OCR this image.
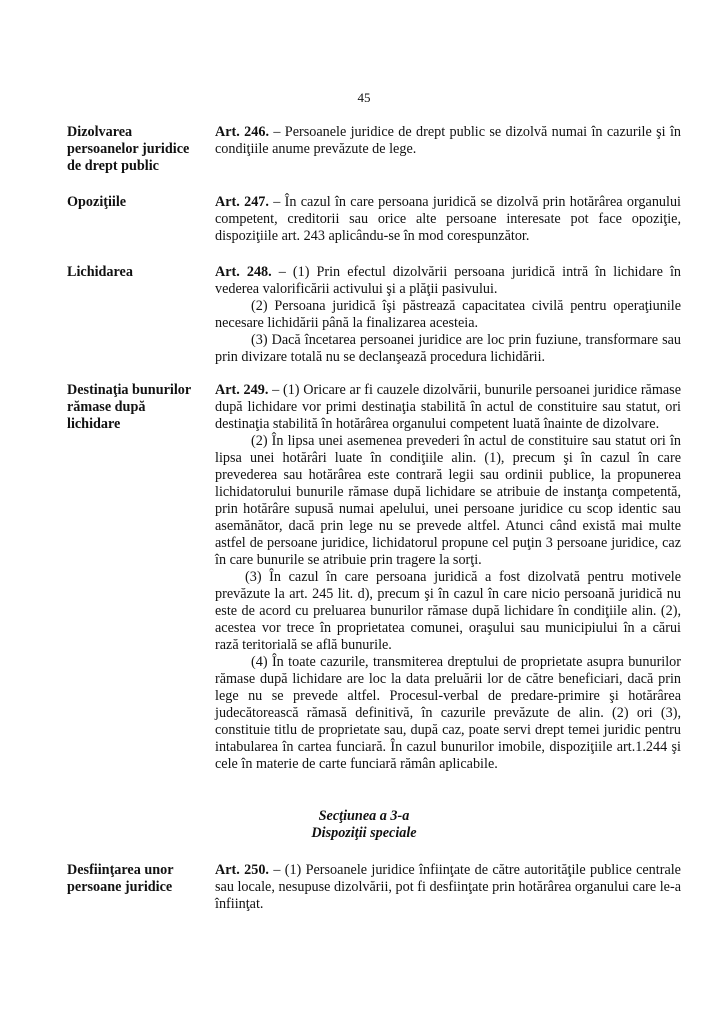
45
Dizolvarea
persoanelor juridice
de drept public

Art. 246. – Persoanele juridice de drept public se dizolvă numai în cazurile şi în condiţiile anume prevăzute de lege.

Opoziţiile	Art. 247. – În cazul în care persoana juridică se dizolvă prin hotărârea organului competent, creditorii sau orice alte persoane interesate pot face opoziţie, dispoziţiile art. 243 aplicându-se în mod corespunzător.

Lichidarea	Art. 248. – (1) Prin efectul dizolvării persoana juridică intră în lichidare în vederea valorificării activului şi a plăţii pasivului.

(2) Persoana juridică îşi păstrează capacitatea civilă pentru operaţiunile necesare lichidării până la finalizarea acesteia.

(3) Dacă încetarea persoanei juridice are loc prin fuziune, transformare sau prin divizare totală nu se declanşează procedura lichidării.

Destinaţia bunurilor
rămase după
lichidare

Art. 249. – (1) Oricare ar fi cauzele dizolvării, bunurile persoanei juridice rămase după lichidare vor primi destinaţia stabilită în actul de constituire sau statut, ori destinaţia stabilită în hotărârea organului competent luată înainte de dizolvare.

(2) În lipsa unei asemenea prevederi în actul de constituire sau statut ori în lipsa unei hotărâri luate în condiţiile alin. (1), precum şi în cazul în care prevederea sau hotărârea este contrară legii sau ordinii publice, la propunerea lichidatorului bunurile rămase după lichidare se atribuie de instanţa competentă, prin hotărâre supusă numai apelului, unei persoane juridice cu scop identic sau asemănător, dacă prin lege nu se prevede altfel. Atunci când există mai multe astfel de persoane juridice, lichidatorul propune cel puţin 3 persoane juridice, caz în care bunurile se atribuie prin tragere la sorţi.

(3) În cazul în care persoana juridică a fost dizolvată pentru motivele prevăzute la art. 245 lit. d), precum şi în cazul în care nicio persoană juridică nu este de acord cu preluarea bunurilor rămase după lichidare în condiţiile alin. (2), acestea vor trece în proprietatea comunei, oraşului sau municipiului în a cărui rază teritorială se află bunurile.

(4) În toate cazurile, transmiterea dreptului de proprietate asupra bunurilor rămase după lichidare are loc la data preluării lor de către beneficiari, dacă prin lege nu se prevede altfel. Procesul-verbal de predare-primire şi hotărârea judecătorească rămasă definitivă, în cazurile prevăzute de alin. (2) ori (3), constituie titlu de proprietate sau, după caz, poate servi drept temei juridic pentru intabularea în cartea funciară. În cazul bunurilor imobile, dispoziţiile art.1.244 şi cele în materie de carte funciară rămân aplicabile.

Secţiunea a 3-a
Dispoziţii speciale
Desfiinţarea unor
persoane juridice

Art. 250. – (1) Persoanele juridice înfiinţate de către autorităţile publice centrale sau locale, nesupuse dizolvării, pot fi desfiinţate prin hotărârea organului care le-a înfiinţat.
